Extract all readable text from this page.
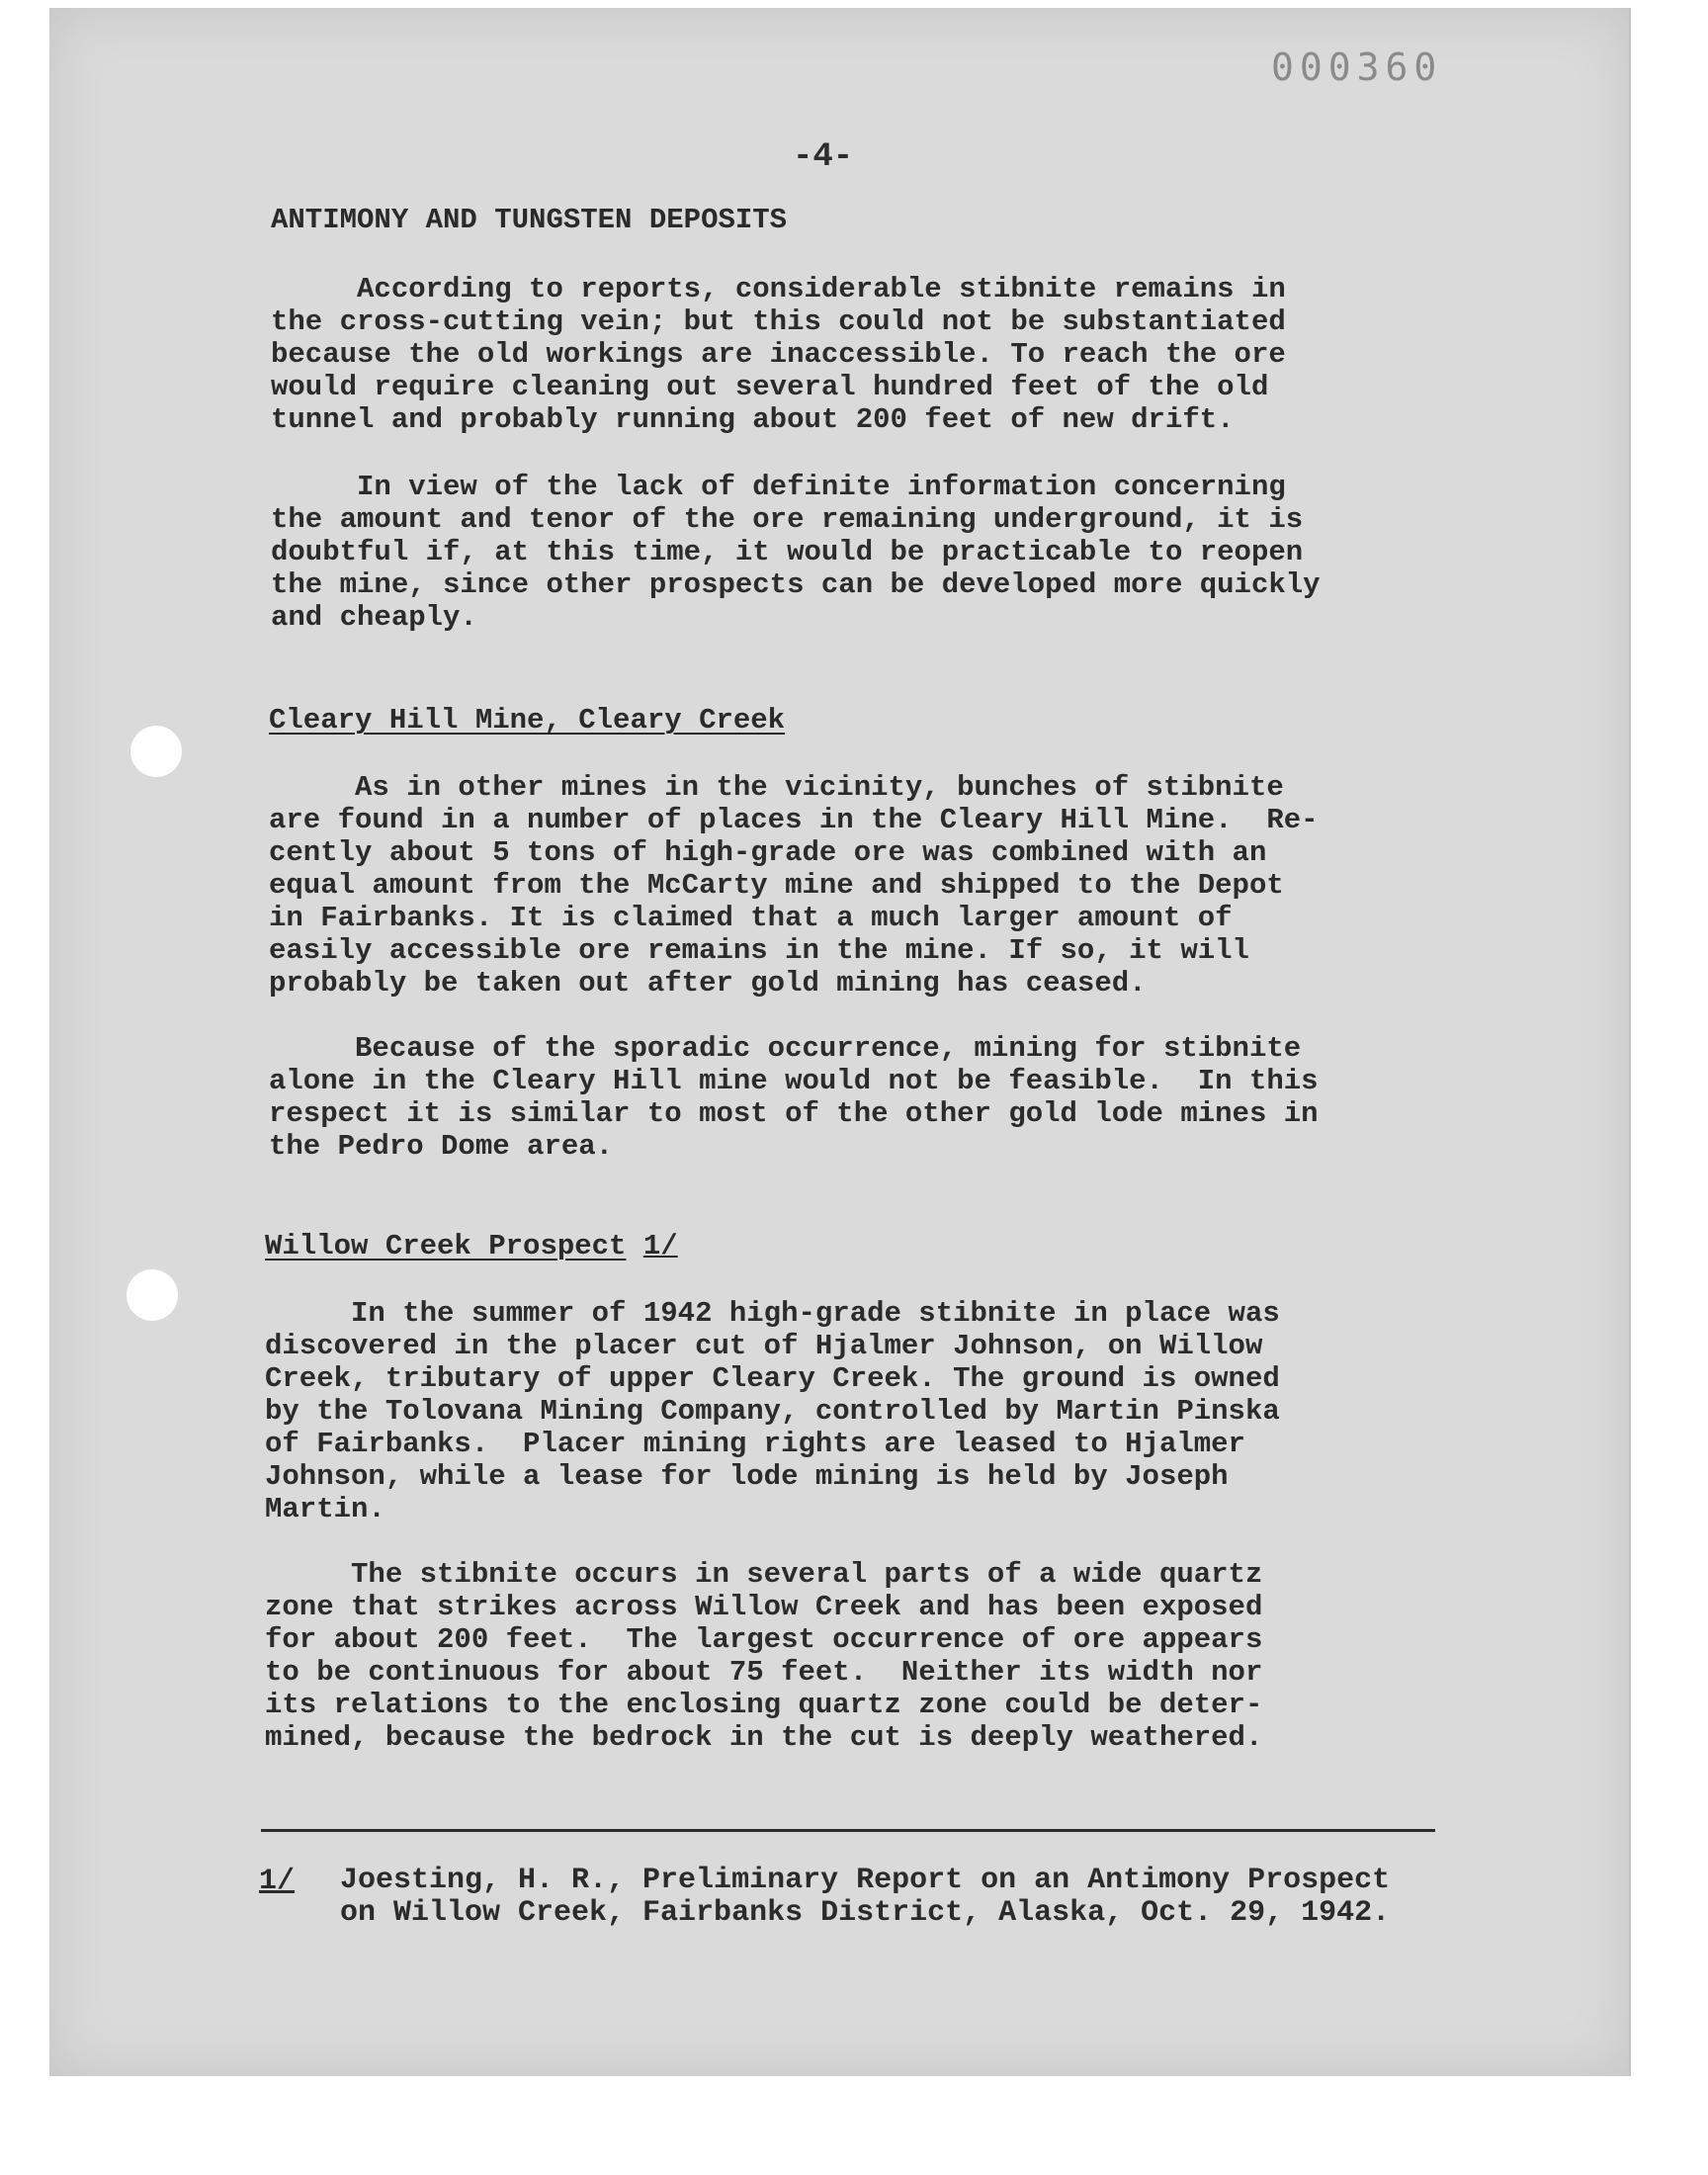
000360
-4-
ANTIMONY AND TUNGSTEN DEPOSITS
According to reports, considerable stibnite remains in
the cross-cutting vein; but this could not be substantiated
because the old workings are inaccessible. To reach the ore
would require cleaning out several hundred feet of the old
tunnel and probably running about 200 feet of new drift.
In view of the lack of definite information concerning
the amount and tenor of the ore remaining underground, it is
doubtful if, at this time, it would be practicable to reopen
the mine, since other prospects can be developed more quickly
and cheaply.
Cleary Hill Mine, Cleary Creek
As in other mines in the vicinity, bunches of stibnite
are found in a number of places in the Cleary Hill Mine.  Re-
cently about 5 tons of high-grade ore was combined with an
equal amount from the McCarty mine and shipped to the Depot
in Fairbanks. It is claimed that a much larger amount of
easily accessible ore remains in the mine. If so, it will
probably be taken out after gold mining has ceased.
Because of the sporadic occurrence, mining for stibnite
alone in the Cleary Hill mine would not be feasible.  In this
respect it is similar to most of the other gold lode mines in
the Pedro Dome area.
Willow Creek Prospect 1/
In the summer of 1942 high-grade stibnite in place was
discovered in the placer cut of Hjalmer Johnson, on Willow
Creek, tributary of upper Cleary Creek. The ground is owned
by the Tolovana Mining Company, controlled by Martin Pinska
of Fairbanks.  Placer mining rights are leased to Hjalmer
Johnson, while a lease for lode mining is held by Joseph
Martin.
The stibnite occurs in several parts of a wide quartz
zone that strikes across Willow Creek and has been exposed
for about 200 feet.  The largest occurrence of ore appears
to be continuous for about 75 feet.  Neither its width nor
its relations to the enclosing quartz zone could be deter-
mined, because the bedrock in the cut is deeply weathered.
1/ Joesting, H. R., Preliminary Report on an Antimony Prospect
on Willow Creek, Fairbanks District, Alaska, Oct. 29, 1942.
